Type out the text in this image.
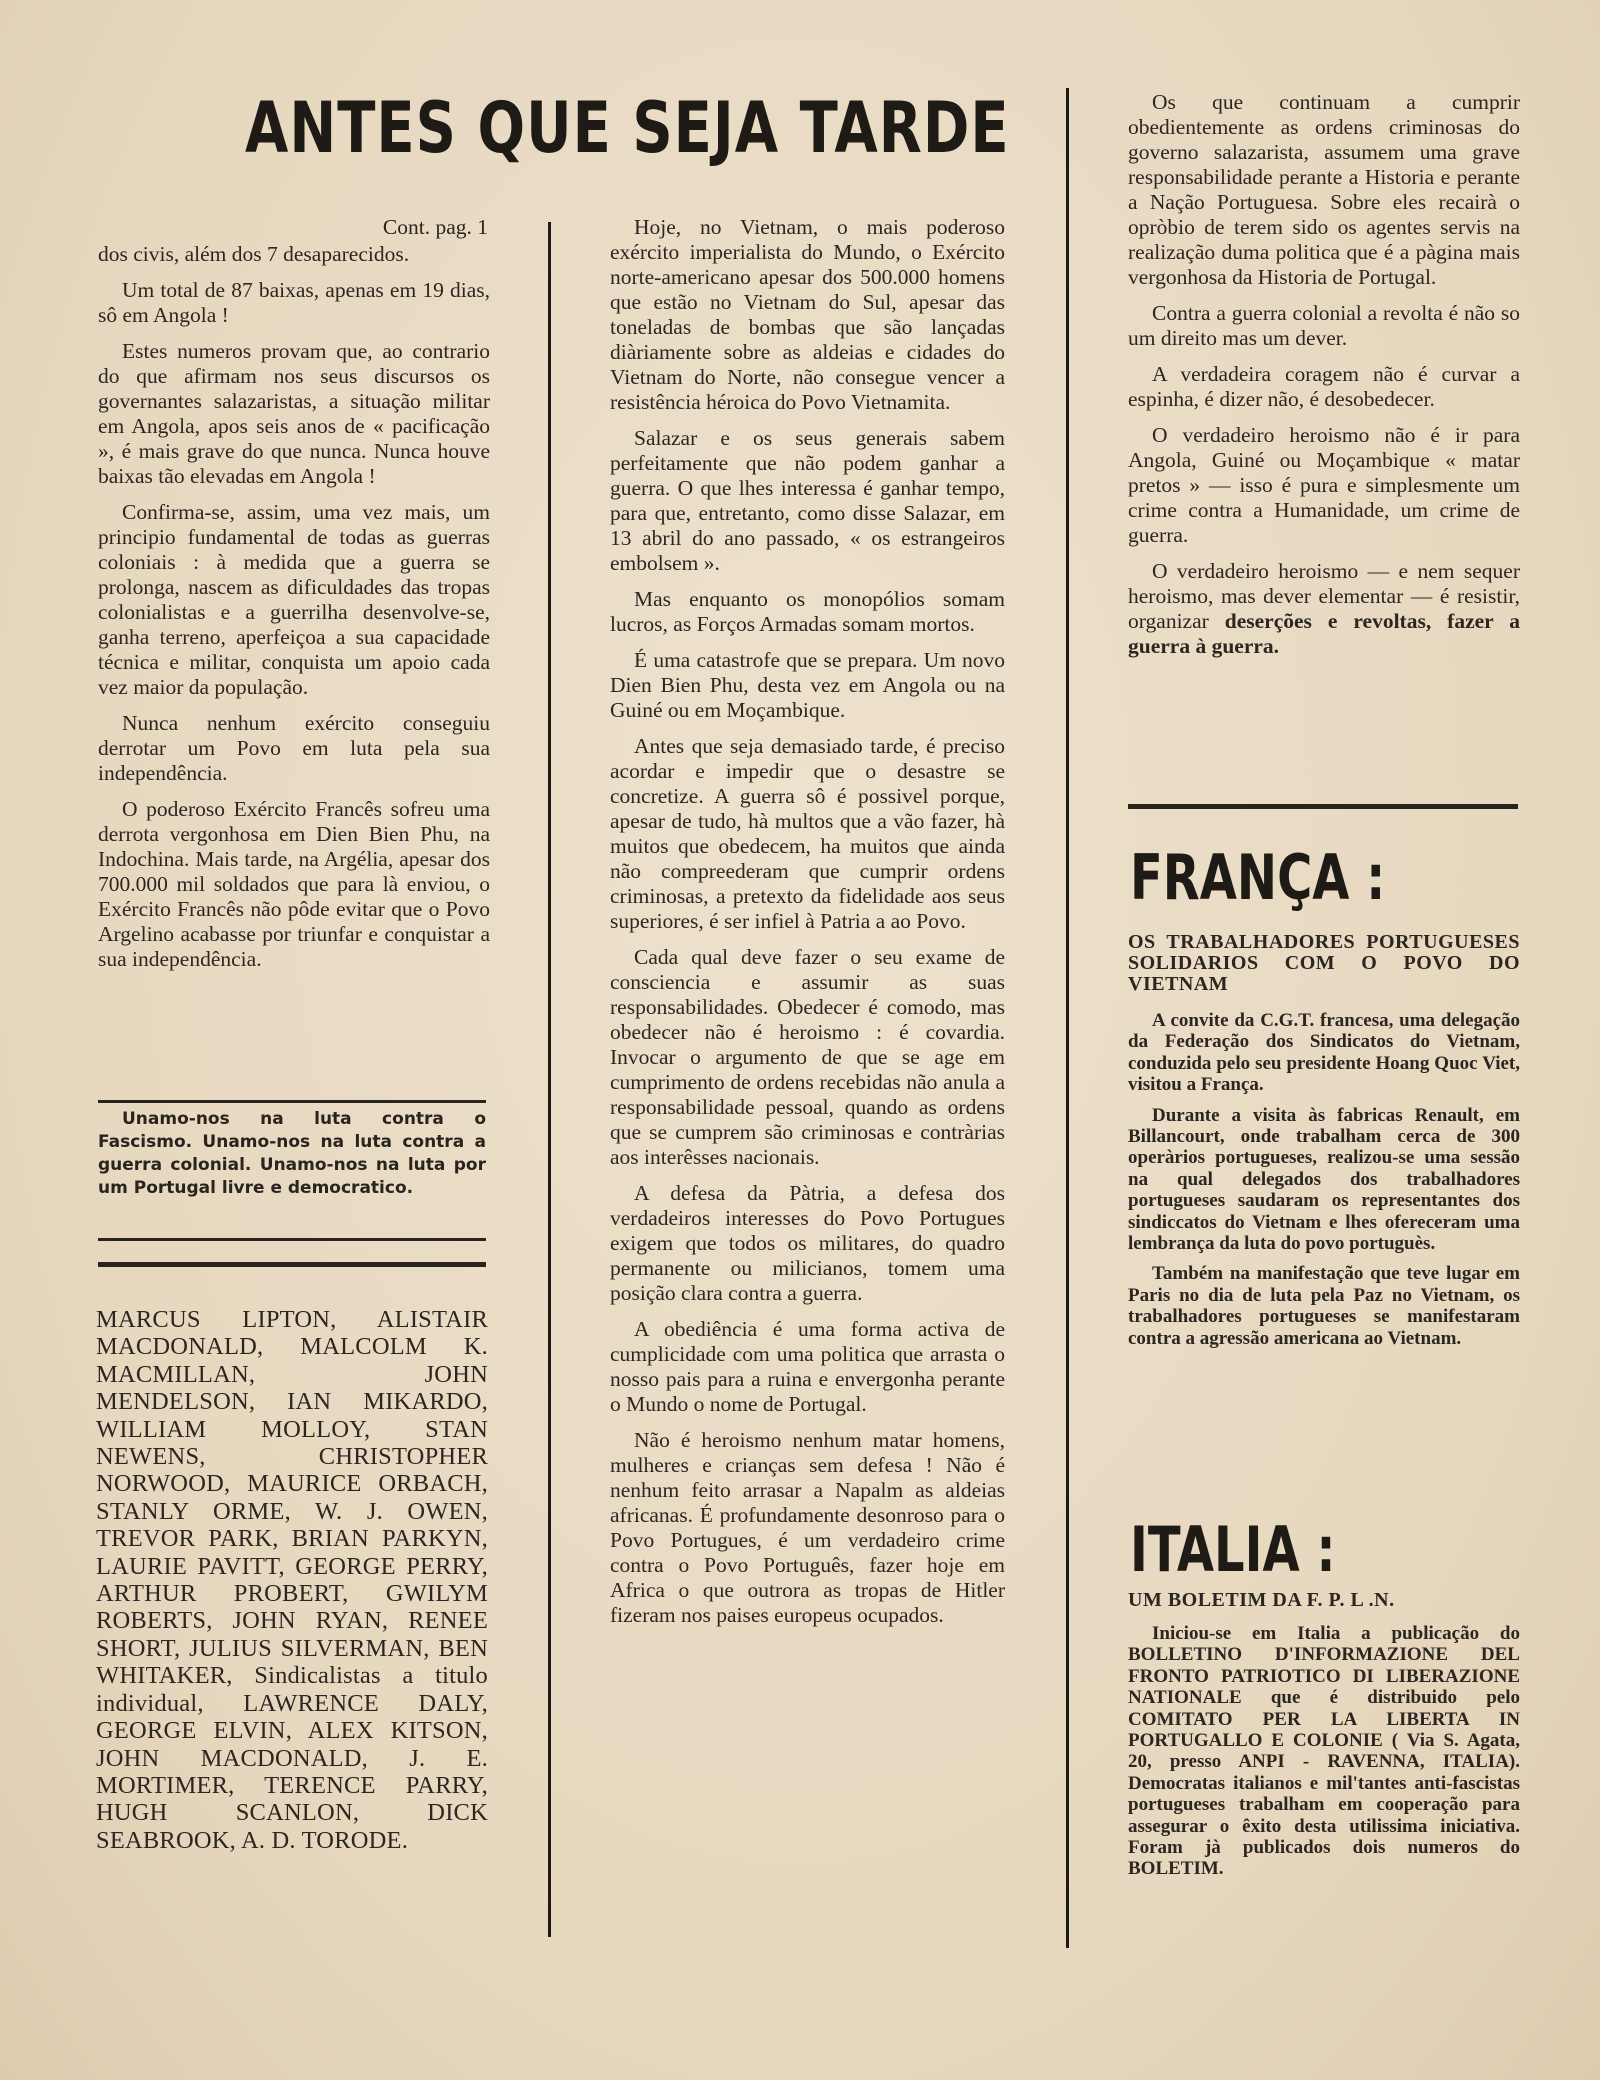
ANTES QUE SEJA TARDE
Cont. pag. 1

dos civis, além dos 7 desaparecidos.

Um total de 87 baixas, apenas em 19 dias, sô em Angola !

Estes numeros provam que, ao contrario do que afirmam nos seus discursos os governantes salazaristas, a situação militar em Angola, apos seis anos de « pacificação », é mais grave do que nunca. Nunca houve baixas tão elevadas em Angola !

Confirma-se, assim, uma vez mais, um principio fundamental de todas as guerras coloniais : à medida que a guerra se prolonga, nascem as dificuldades das tropas colonialistas e a guerrilha desenvolve-se, ganha terreno, aperfeiçoa a sua capacidade técnica e militar, conquista um apoio cada vez maior da população.

Nunca nenhum exército conseguiu derrotar um Povo em luta pela sua independência.

O poderoso Exército Francês sofreu uma derrota vergonhosa em Dien Bien Phu, na Indochina. Mais tarde, na Argélia, apesar dos 700.000 mil soldados que para là enviou, o Exército Francês não pôde evitar que o Povo Argelino acabasse por triunfar e conquistar a sua independência.

Unamo-nos na luta contra o Fascismo. Unamo-nos na luta contra a guerra colonial. Unamo-nos na luta por um Portugal livre e democratico.
MARCUS LIPTON, ALISTAIR MACDONALD, MALCOLM K. MACMILLAN, JOHN MENDELSON, IAN MIKARDO, WILLIAM MOLLOY, STAN NEWENS, CHRISTOPHER NORWOOD, MAURICE ORBACH, STANLY ORME, W. J. OWEN, TREVOR PARK, BRIAN PARKYN, LAURIE PAVITT, GEORGE PERRY, ARTHUR PROBERT, GWILYM ROBERTS, JOHN RYAN, RENEE SHORT, JULIUS SILVERMAN, BEN WHITAKER, Sindicalistas a titulo individual, LAWRENCE DALY, GEORGE ELVIN, ALEX KITSON, JOHN MACDONALD, J. E. MORTIMER, TERENCE PARRY, HUGH SCANLON, DICK SEABROOK, A. D. TORODE.

Hoje, no Vietnam, o mais poderoso exército imperialista do Mundo, o Exército norte-americano apesar dos 500.000 homens que estão no Vietnam do Sul, apesar das toneladas de bombas que são lançadas diàriamente sobre as aldeias e cidades do Vietnam do Norte, não consegue vencer a resistência héroica do Povo Vietnamita.

Salazar e os seus generais sabem perfeitamente que não podem ganhar a guerra. O que lhes interessa é ganhar tempo, para que, entretanto, como disse Salazar, em 13 abril do ano passado, « os estrangeiros embolsem ».

Mas enquanto os monopólios somam lucros, as Forços Armadas somam mortos.

É uma catastrofe que se prepara. Um novo Dien Bien Phu, desta vez em Angola ou na Guiné ou em Moçambique.

Antes que seja demasiado tarde, é preciso acordar e impedir que o desastre se concretize. A guerra sô é possivel porque, apesar de tudo, hà multos que a vão fazer, hà muitos que obedecem, ha muitos que ainda não compreederam que cumprir ordens criminosas, a pretexto da fidelidade aos seus superiores, é ser infiel à Patria a ao Povo.

Cada qual deve fazer o seu exame de consciencia e assumir as suas responsabilidades. Obedecer é comodo, mas obedecer não é heroismo : é covardia. Invocar o argumento de que se age em cumprimento de ordens recebidas não anula a responsabilidade pessoal, quando as ordens que se cumprem são criminosas e contràrias aos interêsses nacionais.

A defesa da Pàtria, a defesa dos verdadeiros interesses do Povo Portugues exigem que todos os militares, do quadro permanente ou milicianos, tomem uma posição clara contra a guerra.

A obediência é uma forma activa de cumplicidade com uma politica que arrasta o nosso pais para a ruina e envergonha perante o Mundo o nome de Portugal.

Não é heroismo nenhum matar homens, mulheres e crianças sem defesa ! Não é nenhum feito arrasar a Napalm as aldeias africanas. É profundamente desonroso para o Povo Portugues, é um verdadeiro crime contra o Povo Português, fazer hoje em Africa o que outrora as tropas de Hitler fizeram nos paises europeus ocupados.

Os que continuam a cumprir obedientemente as ordens criminosas do governo salazarista, assumem uma grave responsabilidade perante a Historia e perante a Nação Portuguesa. Sobre eles recairà o opròbio de terem sido os agentes servis na realização duma politica que é a pàgina mais vergonhosa da Historia de Portugal.

Contra a guerra colonial a revolta é não so um direito mas um dever.

A verdadeira coragem não é curvar a espinha, é dizer não, é desobedecer.

O verdadeiro heroismo não é ir para Angola, Guiné ou Moçambique « matar pretos » — isso é pura e simplesmente um crime contra a Humanidade, um crime de guerra.

O verdadeiro heroismo — e nem sequer heroismo, mas dever elementar — é resistir, organizar deserções e revoltas, fazer a guerra à guerra.

FRANÇA :
OS TRABALHADORES PORTUGUESES SOLIDARIOS COM O POVO DO VIETNAM

A convite da C.G.T. francesa, uma delegação da Federação dos Sindicatos do Vietnam, conduzida pelo seu presidente Hoang Quoc Viet, visitou a França.

Durante a visita às fabricas Renault, em Billancourt, onde trabalham cerca de 300 operàrios portugueses, realizou-se uma sessão na qual delegados dos trabalhadores portugueses saudaram os representantes dos sindiccatos do Vietnam e lhes ofereceram uma lembrança da luta do povo portuguès.

Também na manifestação que teve lugar em Paris no dia de luta pela Paz no Vietnam, os trabalhadores portugueses se manifestaram contra a agressão americana ao Vietnam.

ITALIA :
UM BOLETIM DA F. P. L .N.

Iniciou-se em Italia a publicação do BOLLETINO D'INFORMAZIONE DEL FRONTO PATRIOTICO DI LIBERAZIONE NATIONALE que é distribuido pelo COMITATO PER LA LIBERTA IN PORTUGALLO E COLONIE ( Via S. Agata, 20, presso ANPI - RAVENNA, ITALIA). Democratas italianos e mil'tantes anti-fascistas portugueses trabalham em cooperação para assegurar o êxito desta utilissima iniciativa. Foram jà publicados dois numeros do BOLETIM.
